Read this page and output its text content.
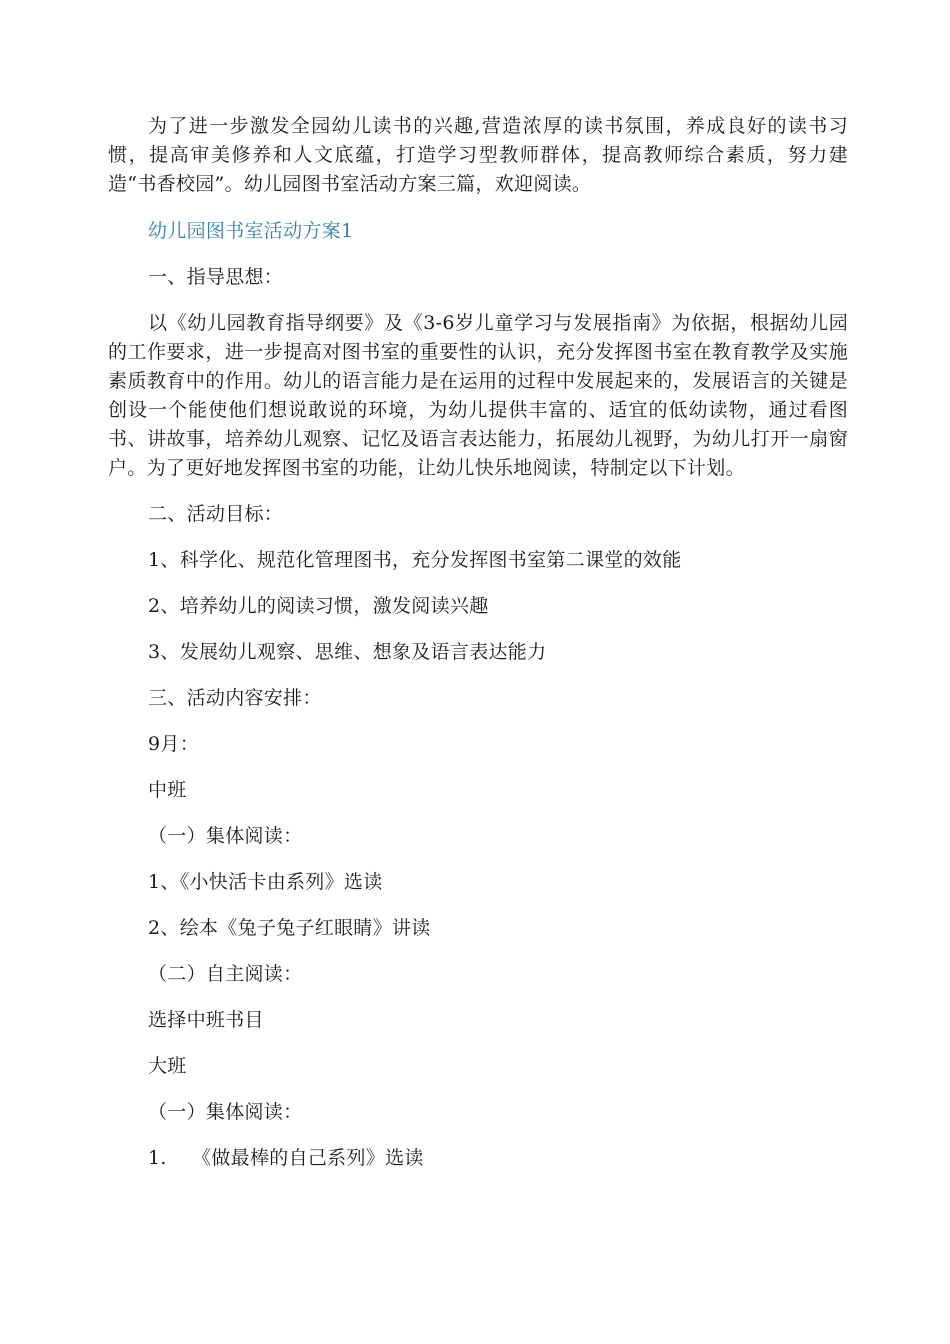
为了进一步激发全园幼儿读书的兴趣,营造浓厚的读书氛围，养成良好的读书习惯，提高审美修养和人文底蕴，打造学习型教师群体，提高教师综合素质，努力建造“书香校园”。幼儿园图书室活动方案三篇，欢迎阅读。

幼儿园图书室活动方案1

一、指导思想：

以《幼儿园教育指导纲要》及《3-6岁儿童学习与发展指南》为依据，根据幼儿园的工作要求，进一步提高对图书室的重要性的认识，充分发挥图书室在教育教学及实施素质教育中的作用。幼儿的语言能力是在运用的过程中发展起来的，发展语言的关键是创设一个能使他们想说敢说的环境，为幼儿提供丰富的、适宜的低幼读物，通过看图书、讲故事，培养幼儿观察、记忆及语言表达能力，拓展幼儿视野，为幼儿打开一扇窗户。为了更好地发挥图书室的功能，让幼儿快乐地阅读，特制定以下计划。

二、活动目标：

1、科学化、规范化管理图书，充分发挥图书室第二课堂的效能

2、培养幼儿的阅读习惯，激发阅读兴趣

3、发展幼儿观察、思维、想象及语言表达能力

三、活动内容安排：

9月：

中班

（一）集体阅读：

1、《小快活卡由系列》选读

2、绘本《兔子兔子红眼睛》讲读

（二）自主阅读：

选择中班书目

大班

（一）集体阅读：

1.    《做最棒的自己系列》选读
